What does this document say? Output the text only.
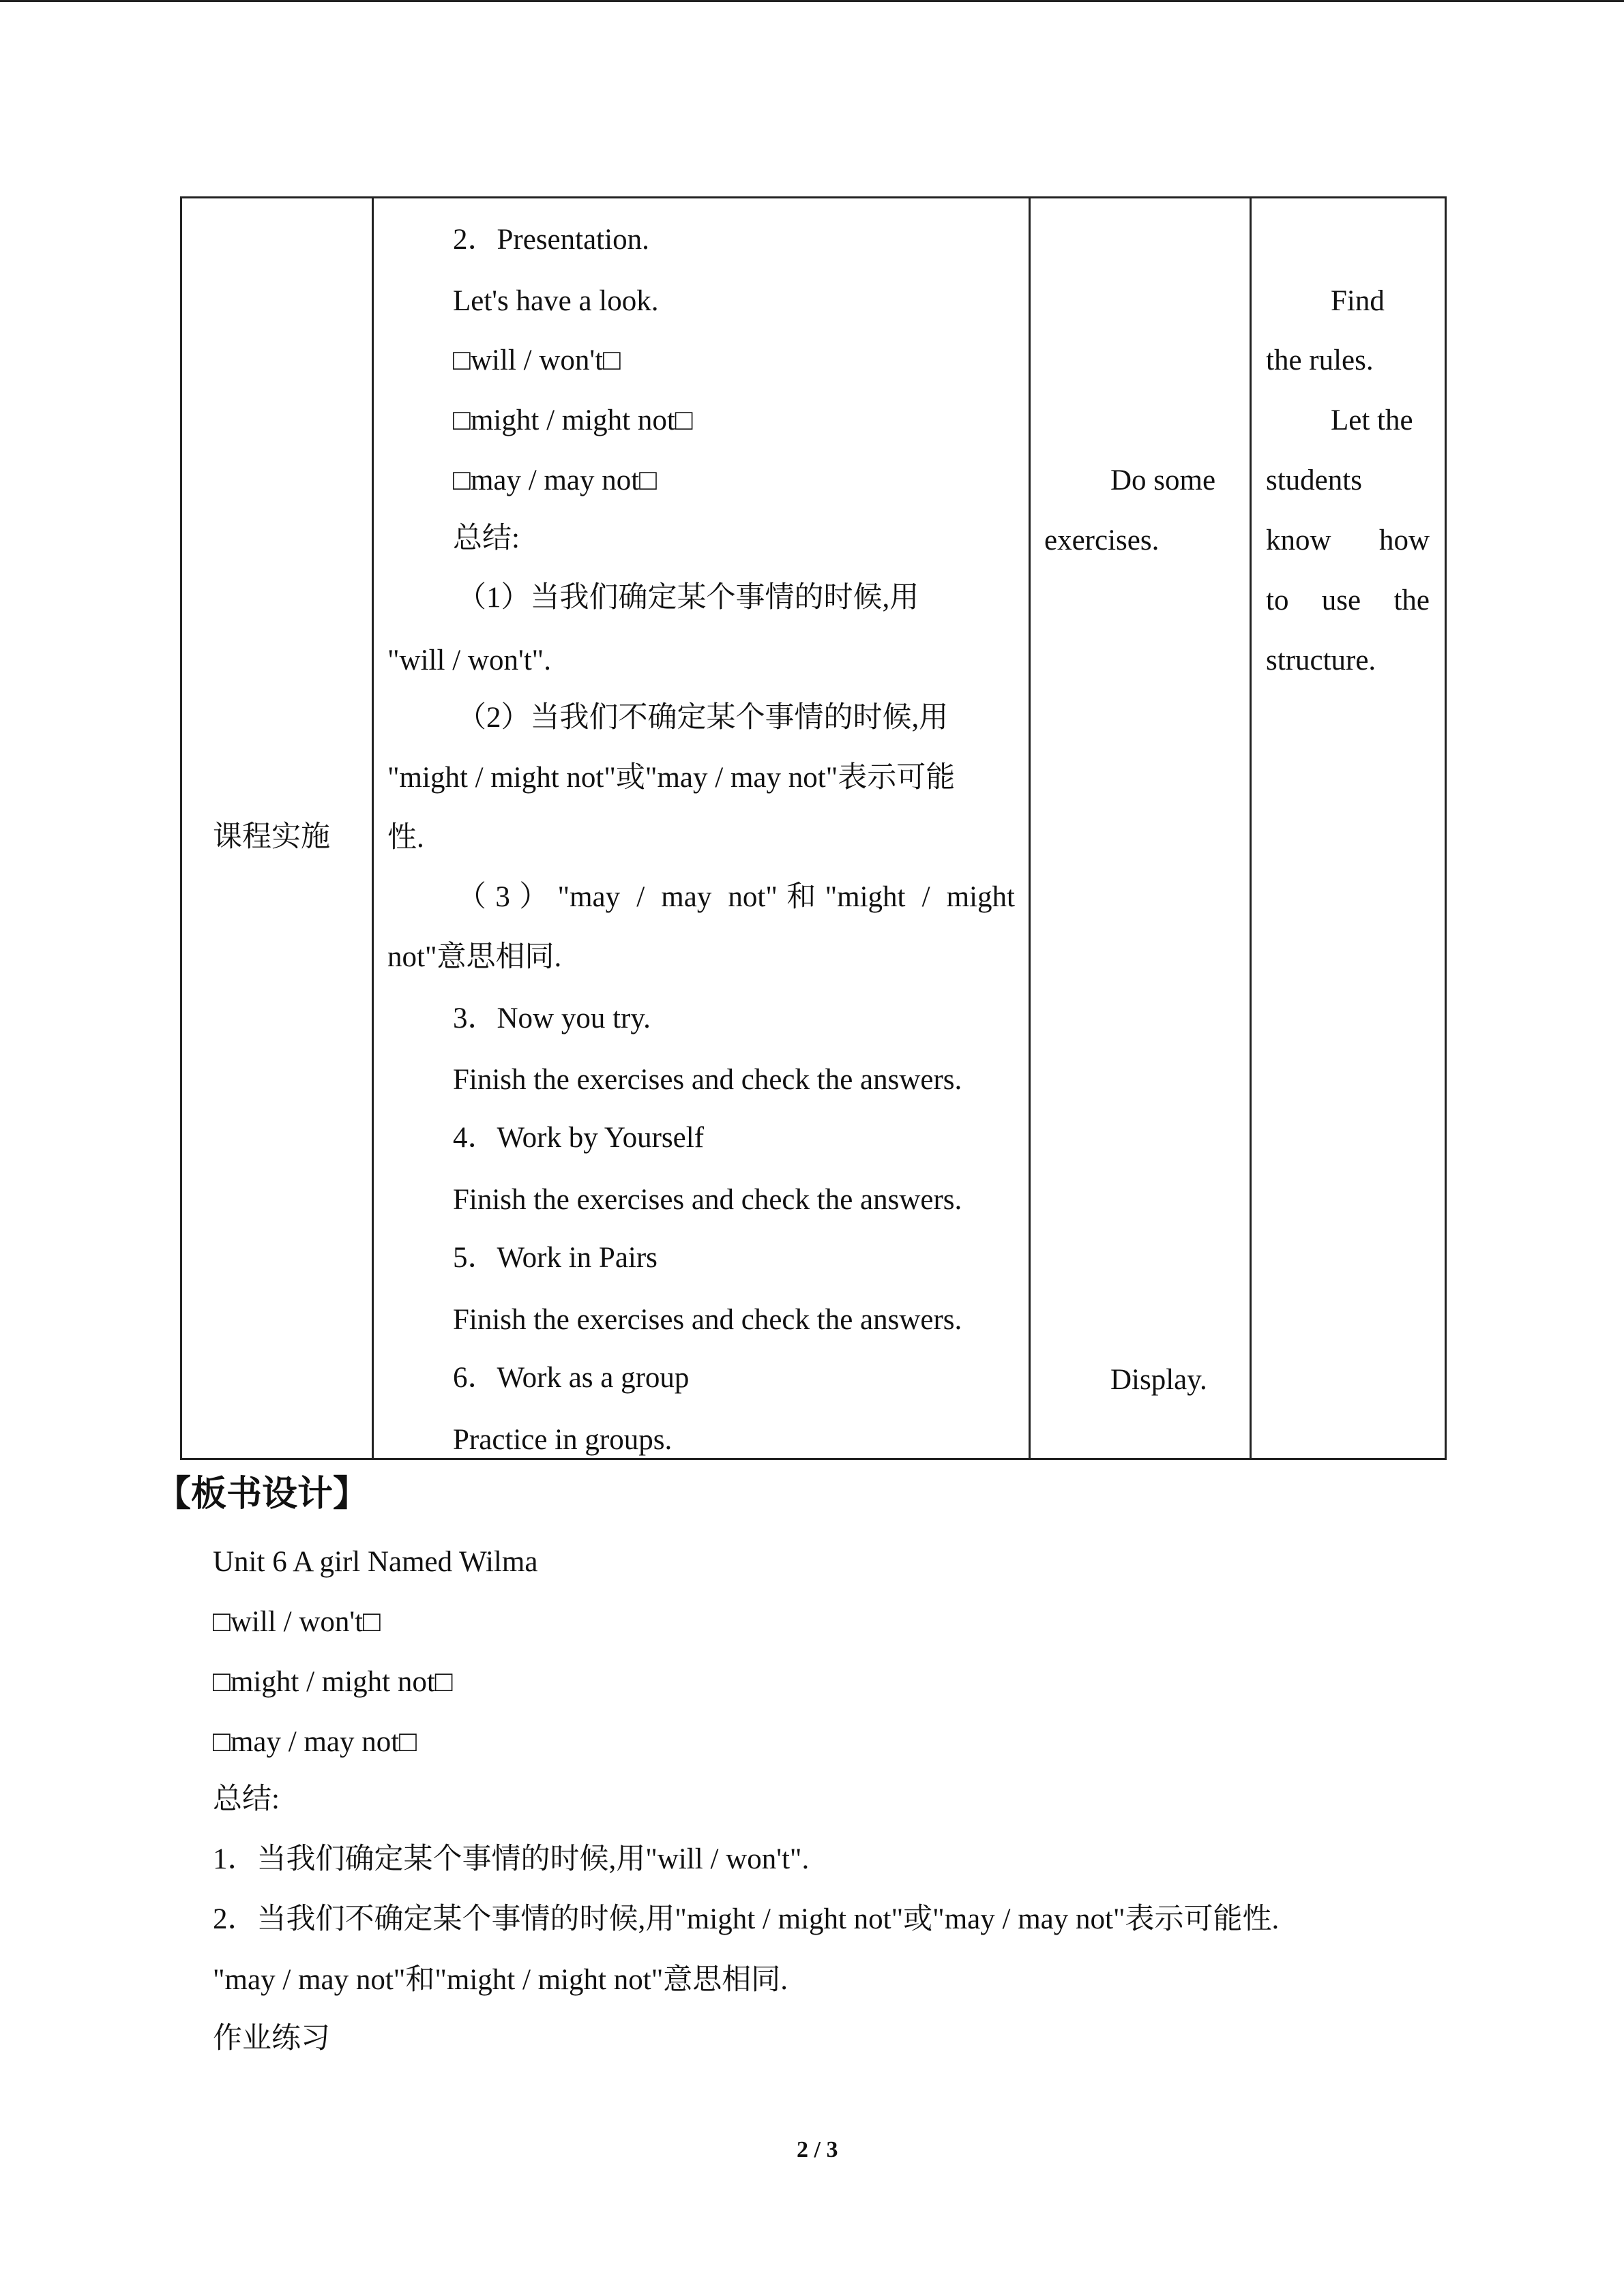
课程实施
2．Presentation.
Let's have a look.
□will / won't□
□might / might not□
□may / may not□
总结:
（1）当我们确定某个事情的时候,用
"will / won't".
（2）当我们不确定某个事情的时候,用
"might / might not"或"may / may not"表示可能
性.
（3）"may / may not"和"might / might
not"意思相同.
3．Now you try.
Finish the exercises and check the answers.
4．Work by Yourself
Finish the exercises and check the answers.
5．Work in Pairs
Finish the exercises and check the answers.
6．Work as a group
Practice in groups.
Do some
exercises.
Display.
Find
the rules.
Let the
students
know how
to use the
structure.
【板书设计】
Unit 6 A girl Named Wilma
□will / won't□
□might / might not□
□may / may not□
总结:
1．当我们确定某个事情的时候,用"will / won't".
2．当我们不确定某个事情的时候,用"might / might not"或"may / may not"表示可能性.
"may / may not"和"might / might not"意思相同.
作业练习
2 / 3
